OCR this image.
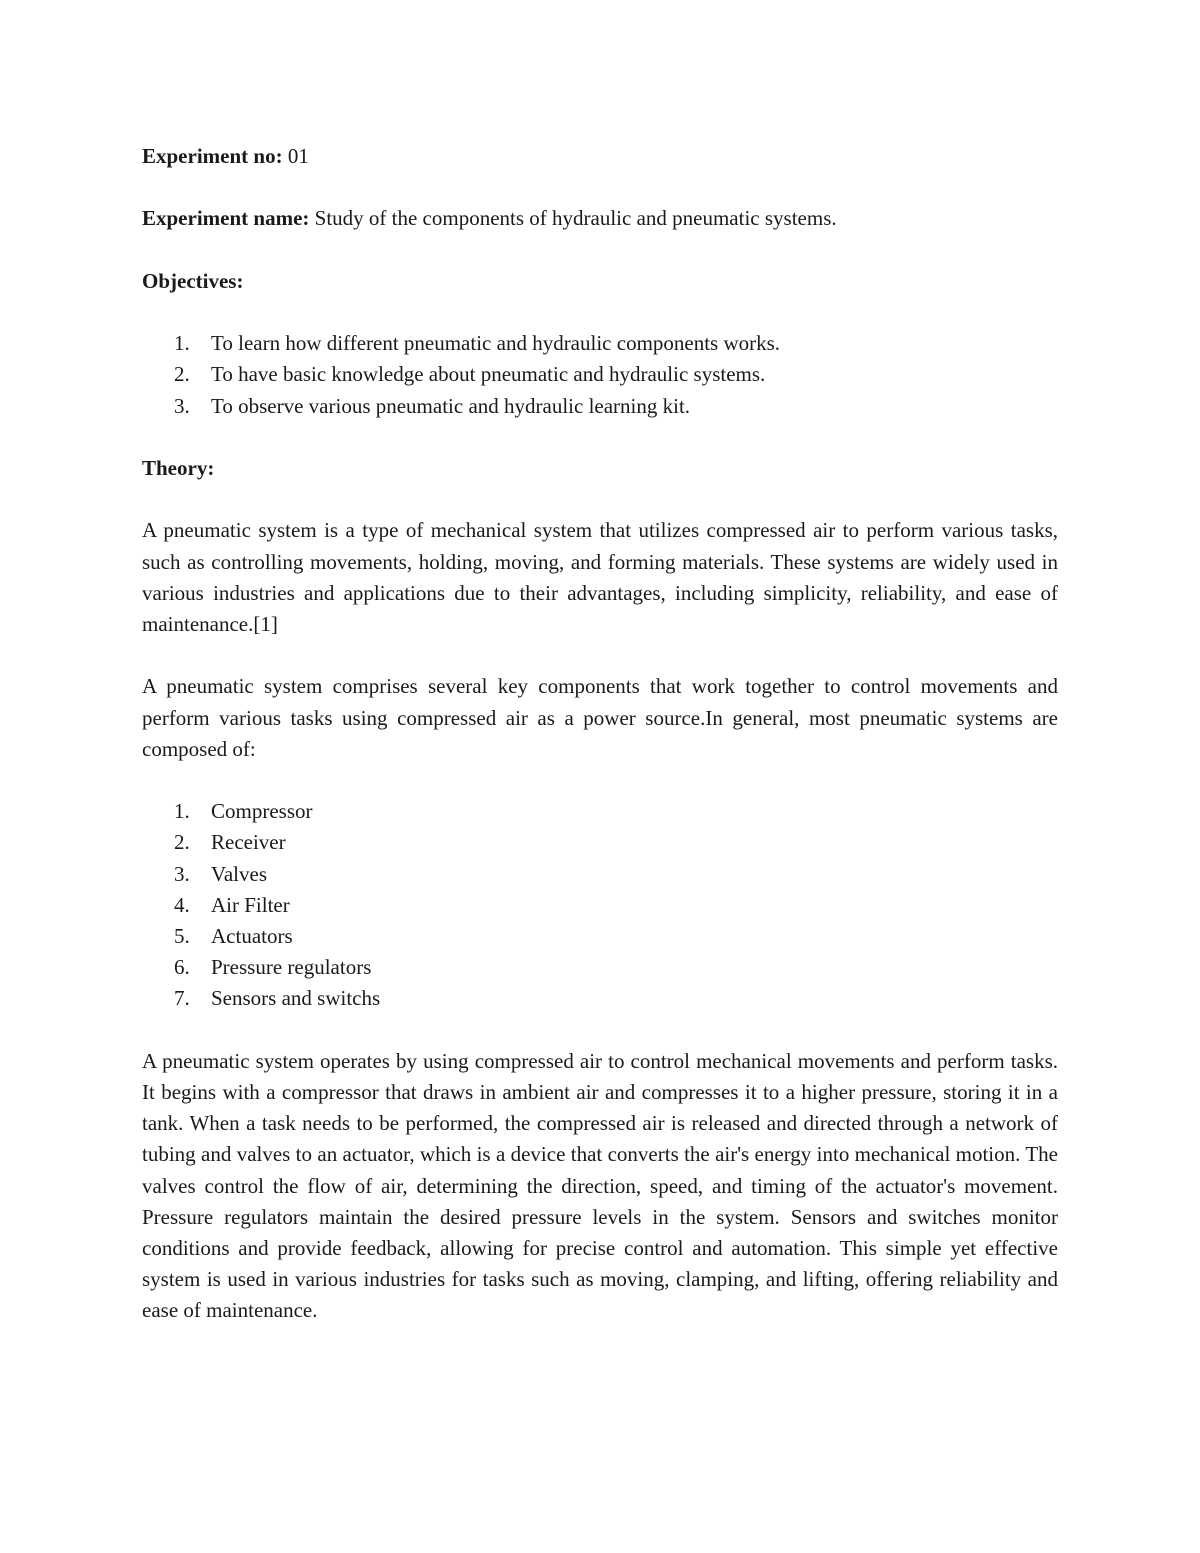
Experiment no: 01

Experiment name: Study of the components of hydraulic and pneumatic systems.

Objectives:

1. To learn how different pneumatic and hydraulic components works.
2. To have basic knowledge about pneumatic and hydraulic systems.
3. To observe various pneumatic and hydraulic learning kit.

Theory:

A pneumatic system is a type of mechanical system that utilizes compressed air to perform various tasks, such as controlling movements, holding, moving, and forming materials. These systems are widely used in various industries and applications due to their advantages, including simplicity, reliability, and ease of maintenance.[1]

A pneumatic system comprises several key components that work together to control movements and perform various tasks using compressed air as a power source.In general, most pneumatic systems are composed of:

1. Compressor
2. Receiver
3. Valves
4. Air Filter
5. Actuators
6. Pressure regulators
7. Sensors and switchs

A pneumatic system operates by using compressed air to control mechanical movements and perform tasks. It begins with a compressor that draws in ambient air and compresses it to a higher pressure, storing it in a tank. When a task needs to be performed, the compressed air is released and directed through a network of tubing and valves to an actuator, which is a device that converts the air's energy into mechanical motion. The valves control the flow of air, determining the direction, speed, and timing of the actuator's movement. Pressure regulators maintain the desired pressure levels in the system. Sensors and switches monitor conditions and provide feedback, allowing for precise control and automation. This simple yet effective system is used in various industries for tasks such as moving, clamping, and lifting, offering reliability and ease of maintenance.
